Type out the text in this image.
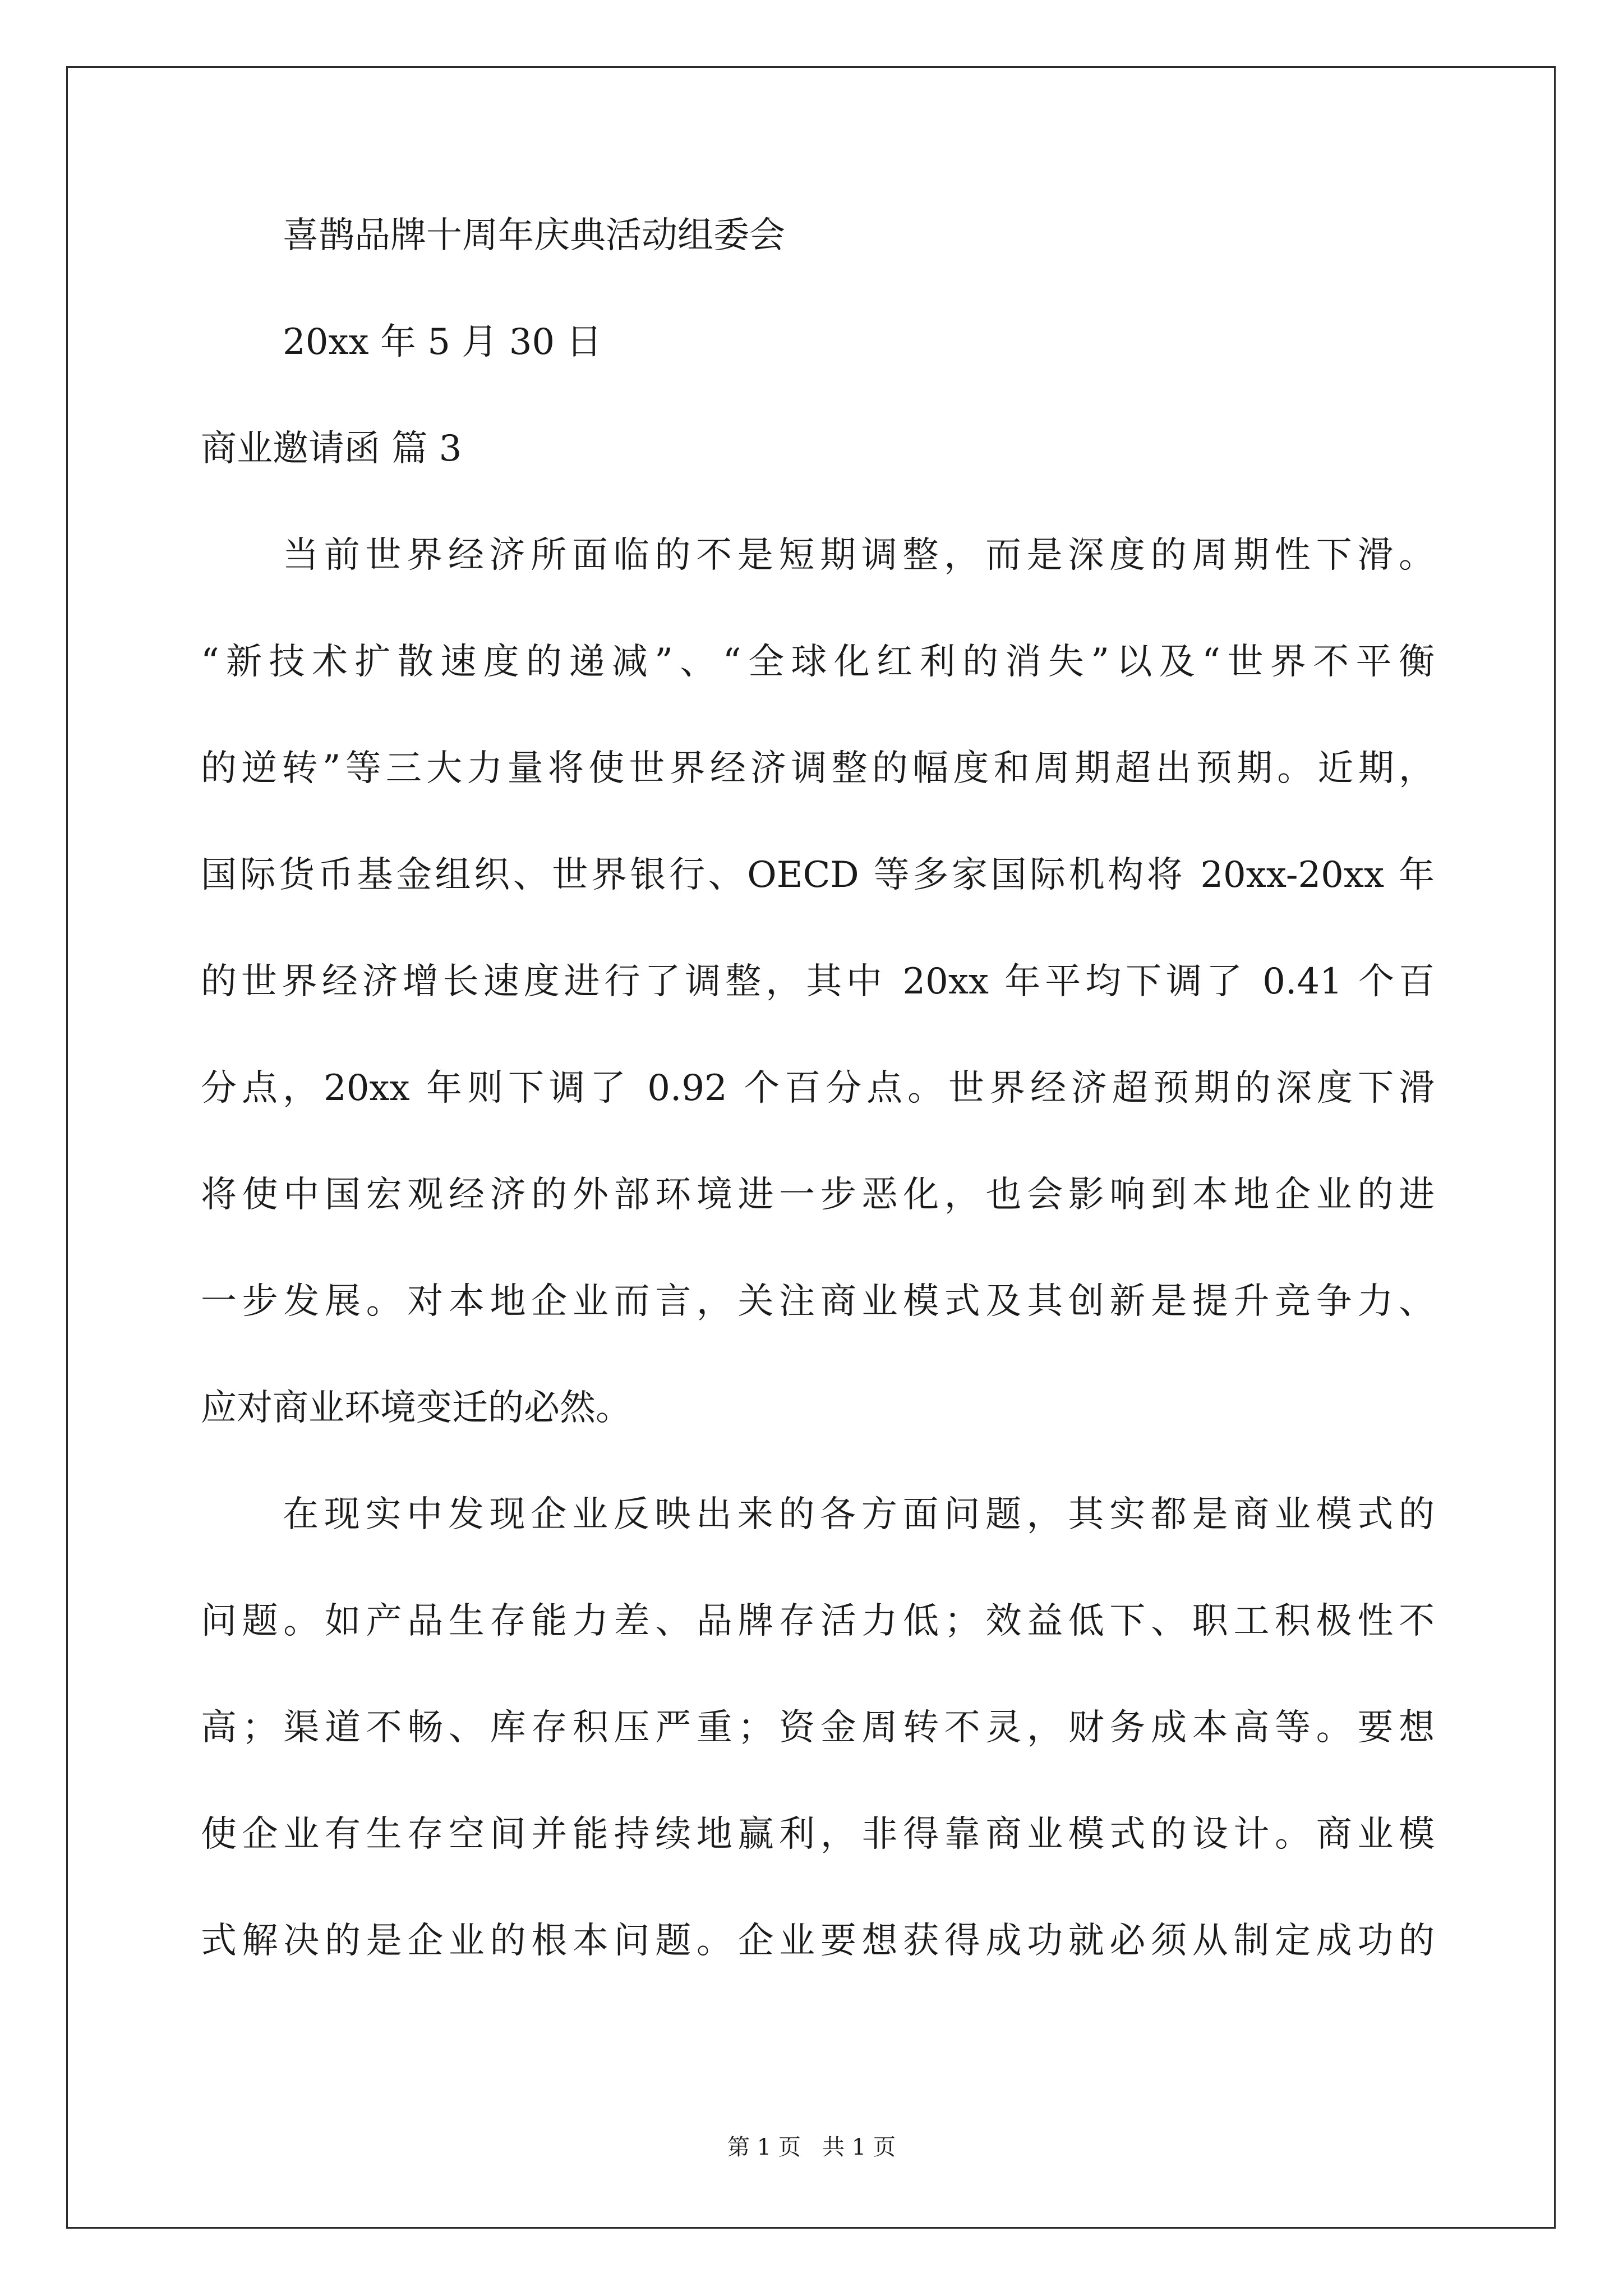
喜鹊品牌十周年庆典活动组委会

20xx 年 5 月 30 日

商业邀请函 篇 3

当前世界经济所面临的不是短期调整，而是深度的周期性下滑。

“新技术扩散速度的递减”、“全球化红利的消失”以及“世界不平衡

的逆转”等三大力量将使世界经济调整的幅度和周期超出预期。近期，

国际货币基金组织、世界银行、OECD 等多家国际机构将 20xx-20xx 年

的世界经济增长速度进行了调整，其中 20xx 年平均下调了 0.41 个百

分点，20xx 年则下调了 0.92 个百分点。世界经济超预期的深度下滑

将使中国宏观经济的外部环境进一步恶化，也会影响到本地企业的进

一步发展。对本地企业而言，关注商业模式及其创新是提升竞争力、

应对商业环境变迁的必然。

在现实中发现企业反映出来的各方面问题，其实都是商业模式的

问题。如产品生存能力差、品牌存活力低；效益低下、职工积极性不

高；渠道不畅、库存积压严重；资金周转不灵，财务成本高等。要想

使企业有生存空间并能持续地赢利，非得靠商业模式的设计。商业模

式解决的是企业的根本问题。企业要想获得成功就必须从制定成功的

第 1 页   共 1 页
